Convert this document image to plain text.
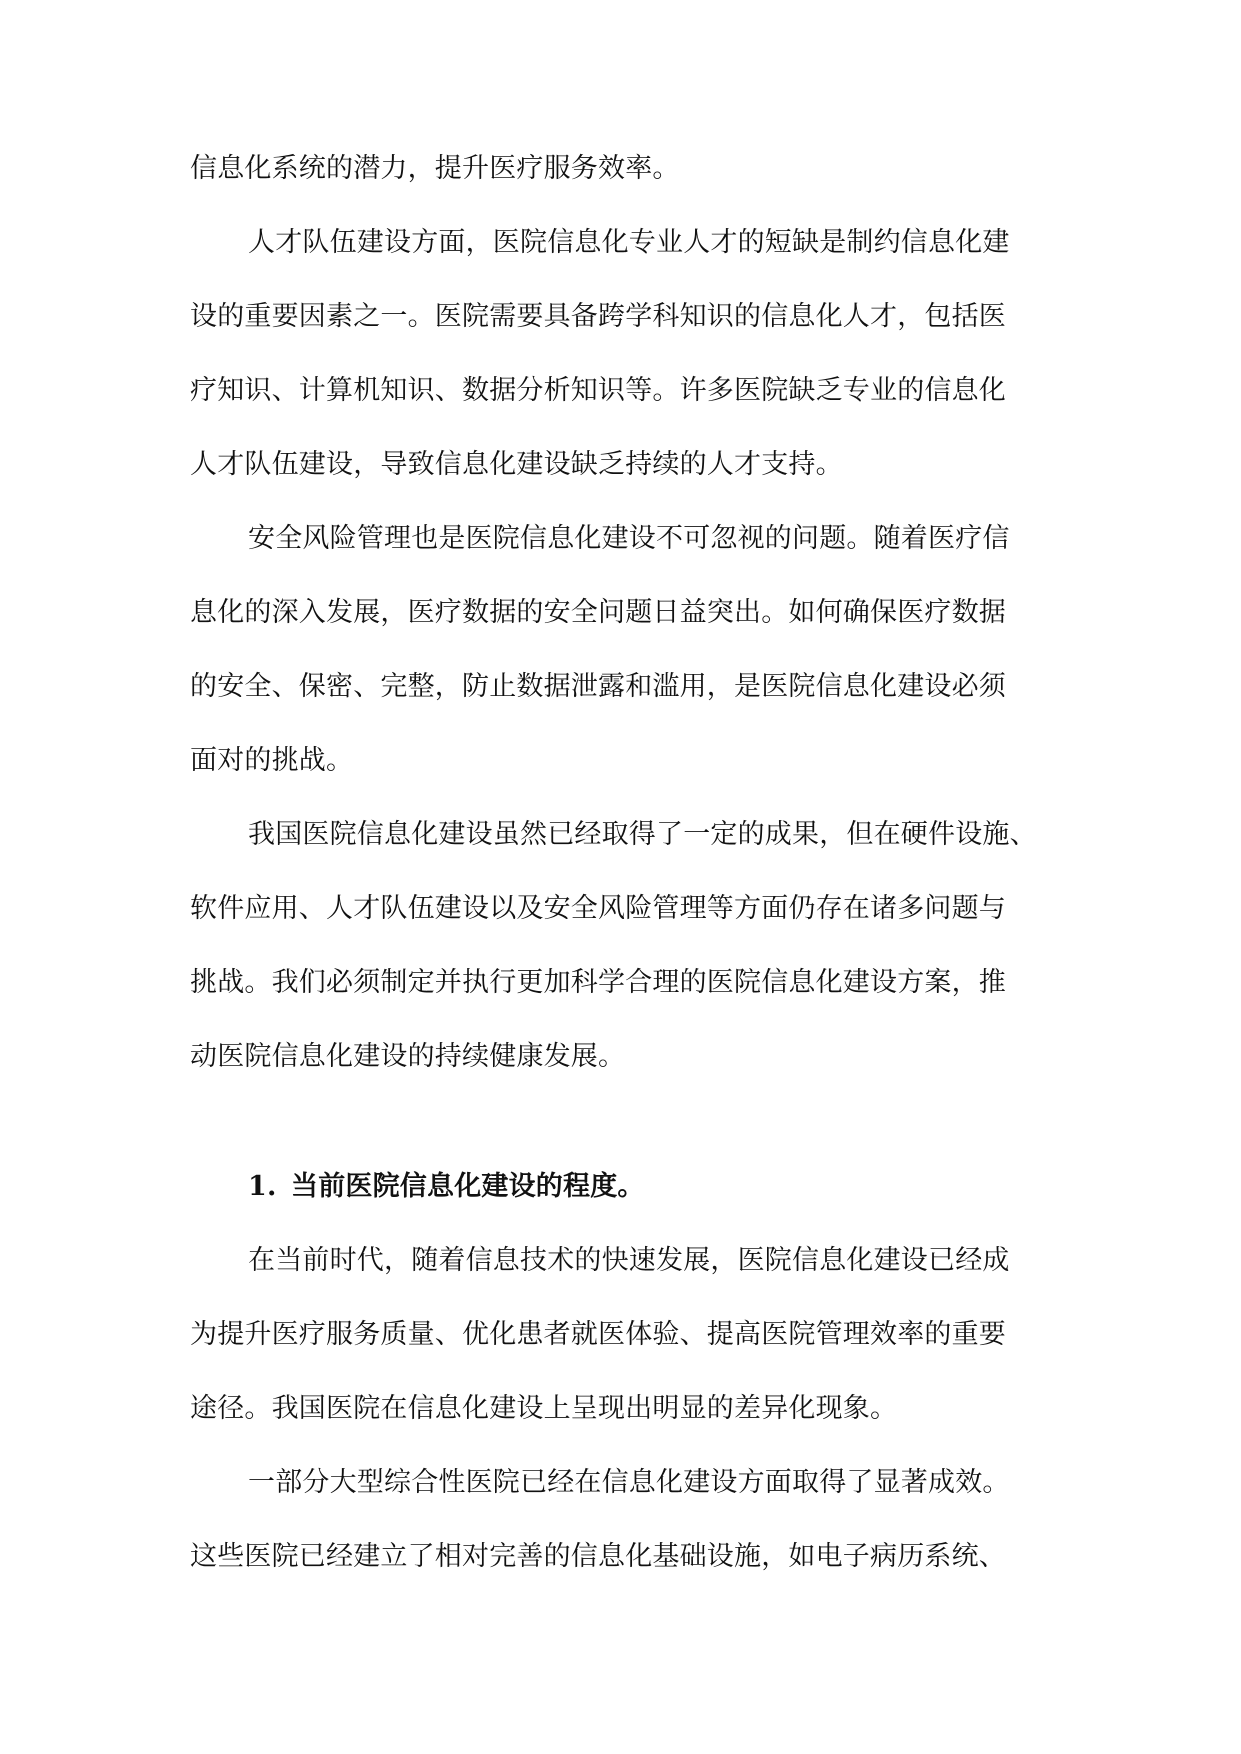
信息化系统的潜力，提升医疗服务效率。
人才队伍建设方面，医院信息化专业人才的短缺是制约信息化建
设的重要因素之一。医院需要具备跨学科知识的信息化人才，包括医
疗知识、计算机知识、数据分析知识等。许多医院缺乏专业的信息化
人才队伍建设，导致信息化建设缺乏持续的人才支持。
安全风险管理也是医院信息化建设不可忽视的问题。随着医疗信
息化的深入发展，医疗数据的安全问题日益突出。如何确保医疗数据
的安全、保密、完整，防止数据泄露和滥用，是医院信息化建设必须
面对的挑战。
我国医院信息化建设虽然已经取得了一定的成果，但在硬件设施、
软件应用、人才队伍建设以及安全风险管理等方面仍存在诸多问题与
挑战。我们必须制定并执行更加科学合理的医院信息化建设方案，推
动医院信息化建设的持续健康发展。
1. 当前医院信息化建设的程度。
在当前时代，随着信息技术的快速发展，医院信息化建设已经成
为提升医疗服务质量、优化患者就医体验、提高医院管理效率的重要
途径。我国医院在信息化建设上呈现出明显的差异化现象。
一部分大型综合性医院已经在信息化建设方面取得了显著成效。
这些医院已经建立了相对完善的信息化基础设施，如电子病历系统、
